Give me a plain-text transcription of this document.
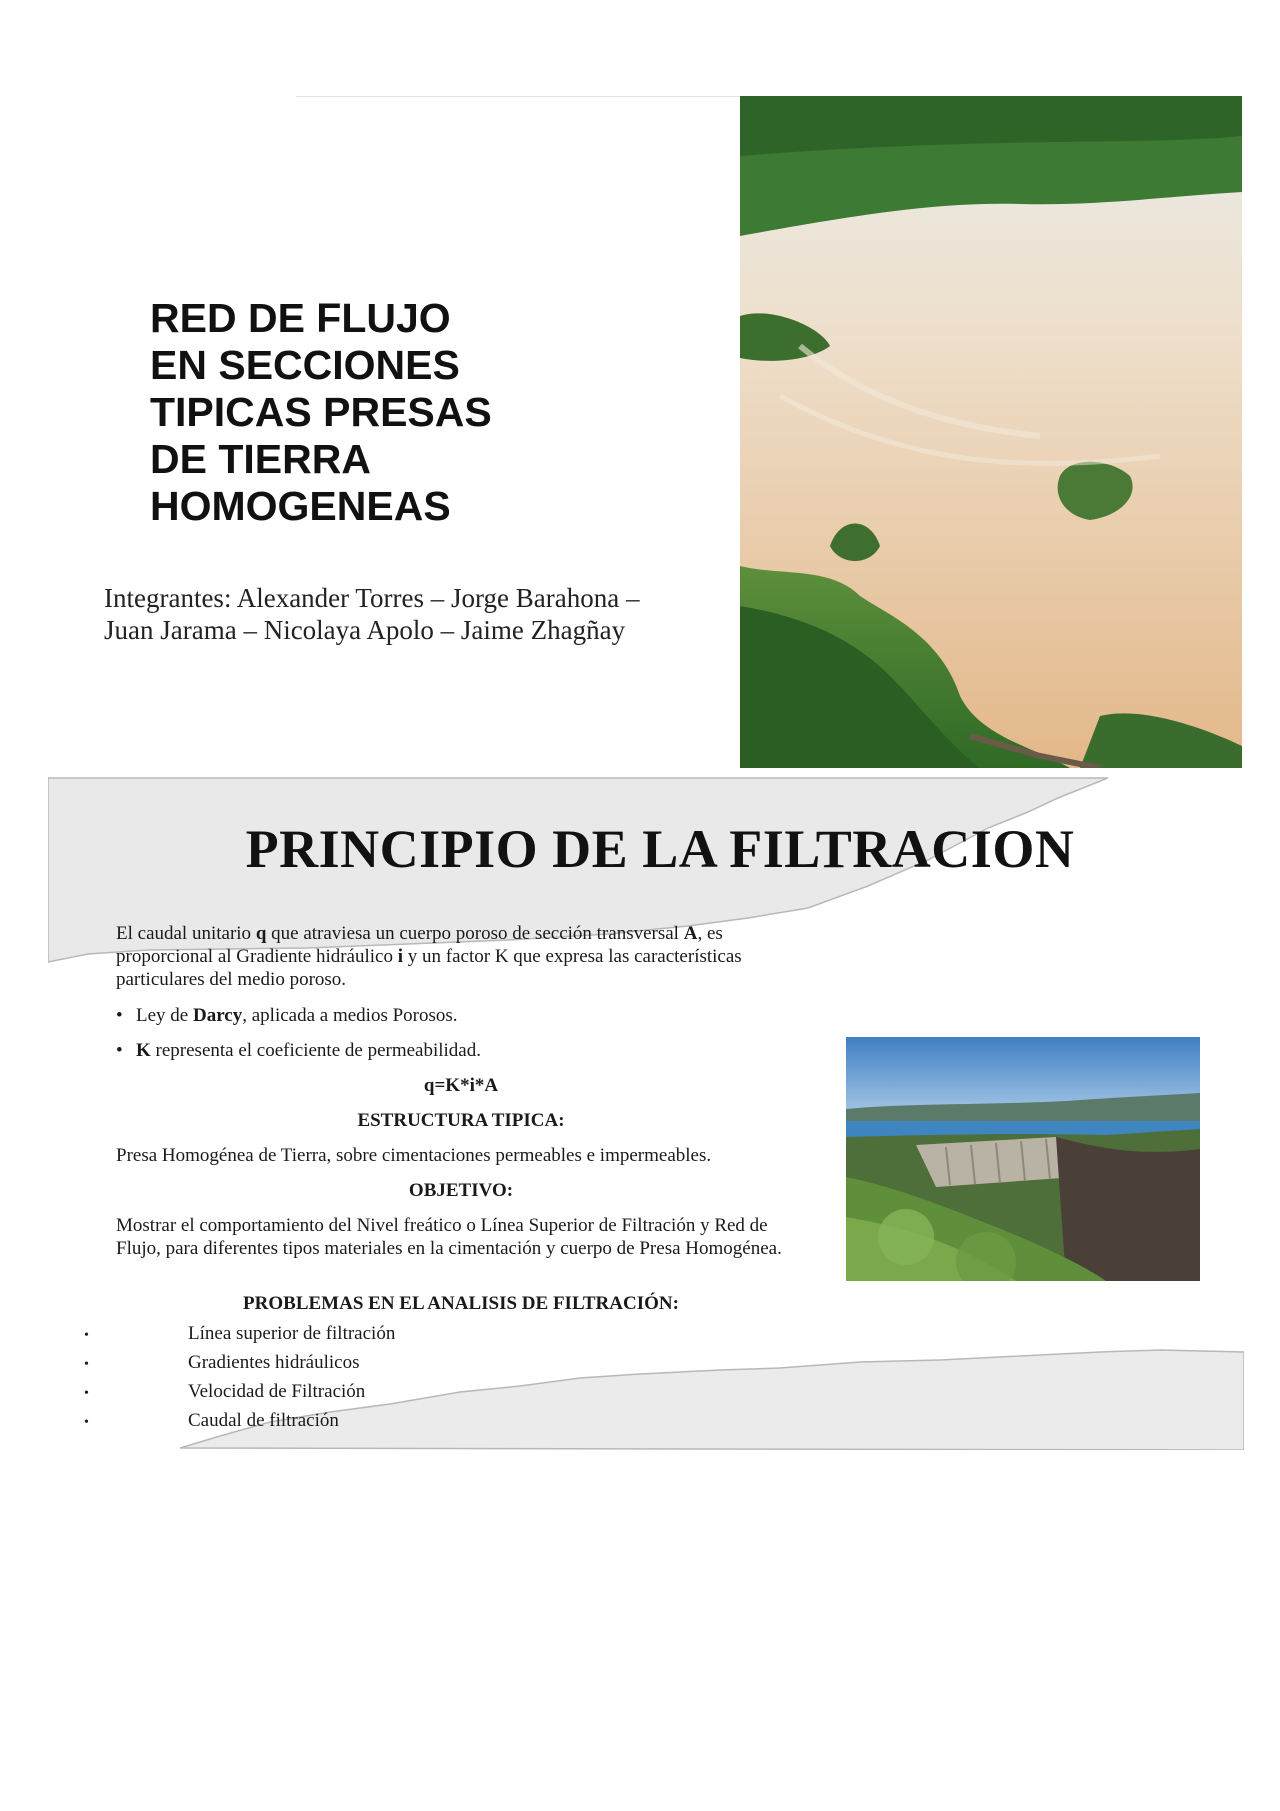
RED DE FLUJO
EN SECCIONES
TIPICAS PRESAS
DE TIERRA
HOMOGENEAS
Integrantes: Alexander Torres – Jorge Barahona –
Juan Jarama – Nicolaya Apolo – Jaime Zhagñay
PRINCIPIO DE LA FILTRACION
El caudal unitario q que atraviesa un cuerpo poroso de sección transversal A, es proporcional al Gradiente hidráulico i y un factor K que expresa las características particulares del medio poroso.
• Ley de Darcy, aplicada a medios Porosos.
• K representa el coeficiente de permeabilidad.
q=K*i*A
ESTRUCTURA TIPICA:
Presa Homogénea de Tierra, sobre cimentaciones permeables e impermeables.
OBJETIVO:
Mostrar el comportamiento del Nivel freático o Línea Superior de Filtración y Red de Flujo, para diferentes tipos materiales en la cimentación y cuerpo de Presa Homogénea.
PROBLEMAS EN EL ANALISIS DE FILTRACIÓN:
•	Línea superior de filtración
•	Gradientes hidráulicos
•	Velocidad de Filtración
•	Caudal de filtración
